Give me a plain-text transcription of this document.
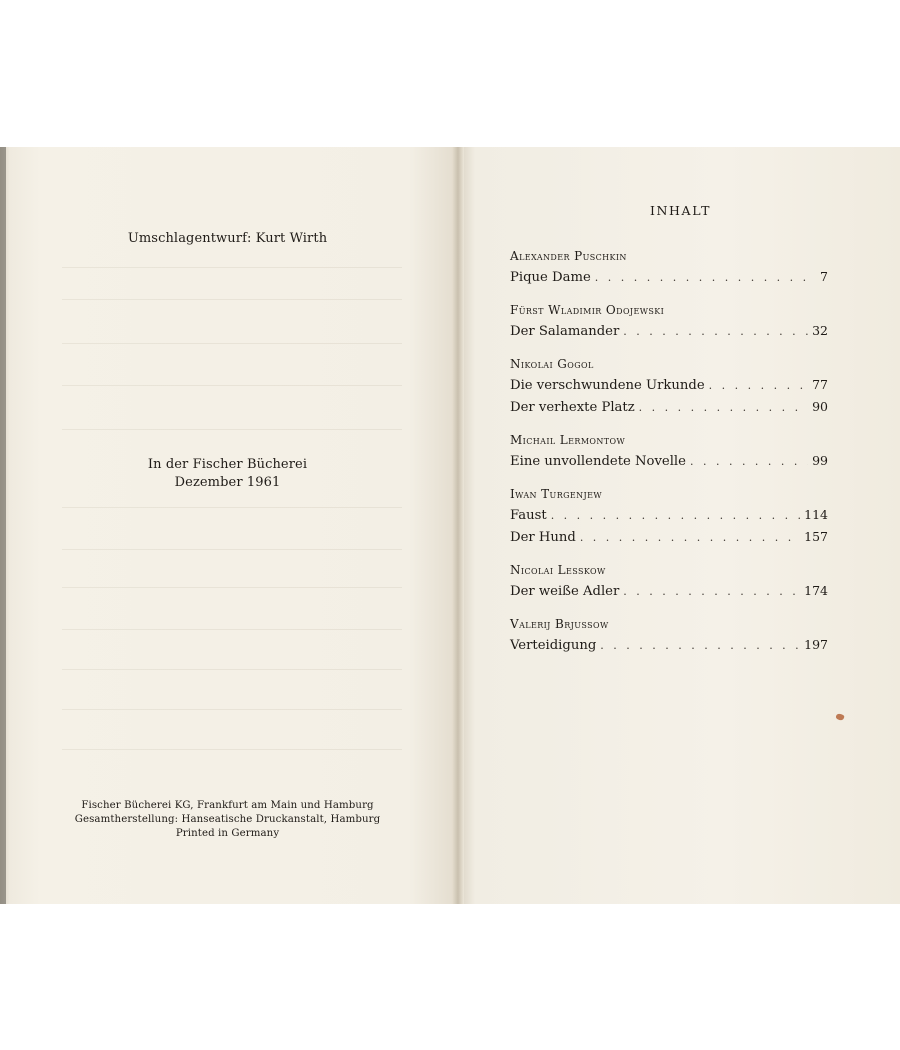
Umschlagentwurf: Kurt Wirth
In der Fischer Bücherei
Dezember 1961
Fischer Bücherei KG, Frankfurt am Main und Hamburg
Gesamtherstellung: Hanseatische Druckanstalt, Hamburg
Printed in Germany
INHALT
Alexander Puschkin
Pique Dame . . .	7
Fürst Wladimir Odojewski
Der Salamander . . .	32
Nikolai Gogol
Die verschwundene Urkunde . . .	77
Der verhexte Platz . . .	90
Michail Lermontow
Eine unvollendete Novelle . . .	99
Iwan Turgenjew
Faust . . .	114
Der Hund . . .	157
Nicolai Lesskow
Der weiße Adler . . .	174
Valerij Brjussow
Verteidigung . . .	197
